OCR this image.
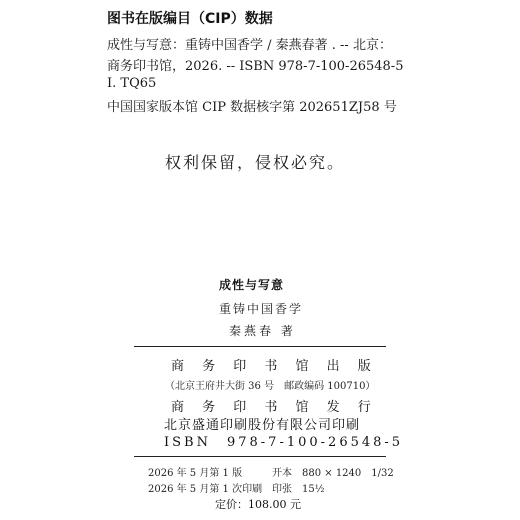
图书在版编目（CIP）数据
成性与写意：重铸中国香学 / 秦燕春著 . -- 北京：
商务印书馆，2026. -- ISBN 978-7-100-26548-5
I. TQ65
中国国家版本馆 CIP 数据核字第 202651ZJ58 号
权利保留，侵权必究。
成性与写意
重铸中国香学
秦燕春 著
商 务 印 书 馆 出 版
（北京王府井大街 36 号　邮政编码 100710）
商 务 印 书 馆 发 行
北京盛通印刷股份有限公司印刷
ISBN　978-7-100-26548-5
2026 年 5 月第 1 版
2026 年 5 月第 1 次印刷
开本　880 × 1240　1/32
印张　15½
定价：108.00 元
